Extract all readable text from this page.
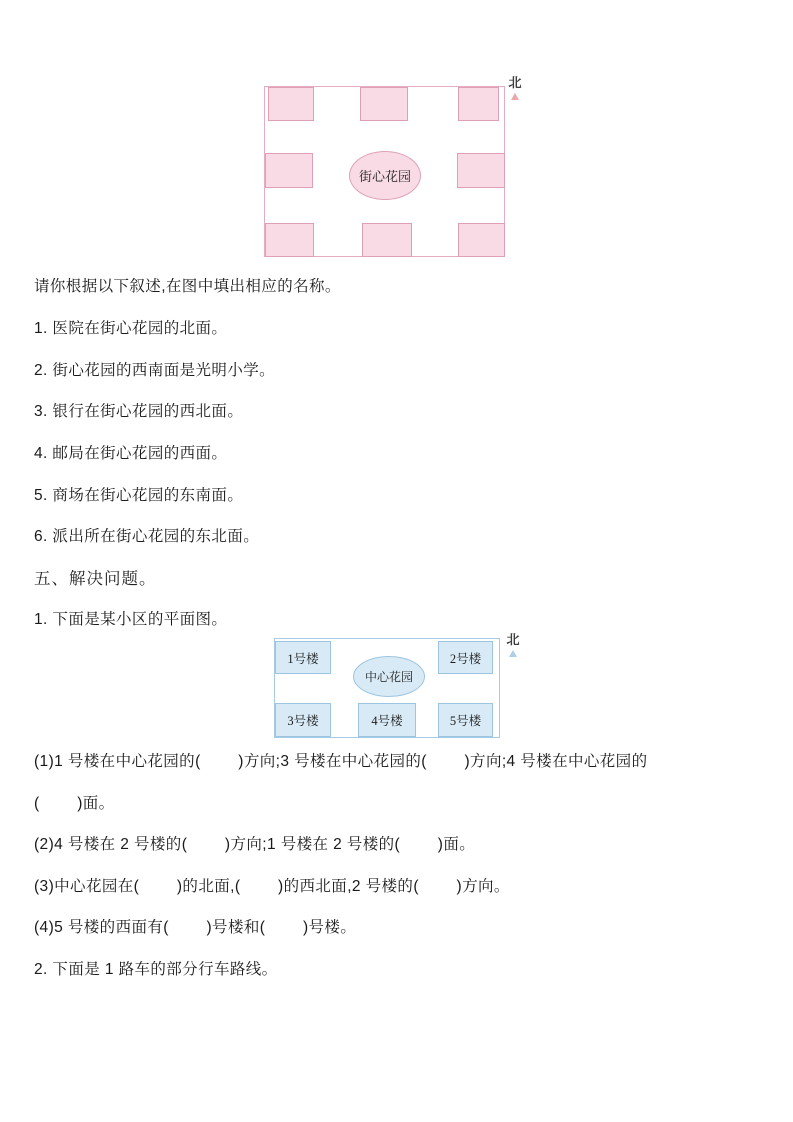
街心花园
北
请你根据以下叙述,在图中填出相应的名称。
1. 医院在街心花园的北面。
2. 街心花园的西南面是光明小学。
3. 银行在街心花园的西北面。
4. 邮局在街心花园的西面。
5. 商场在街心花园的东南面。
6. 派出所在街心花园的东北面。
五、解决问题。
1. 下面是某小区的平面图。
1号楼	2号楼
3号楼	4号楼	5号楼
中心花园
北
(1)1 号楼在中心花园的(        )方向;3 号楼在中心花园的(        )方向;4 号楼在中心花园的
(        )面。
(2)4 号楼在 2 号楼的(        )方向;1 号楼在 2 号楼的(        )面。
(3)中心花园在(        )的北面,(        )的西北面,2 号楼的(        )方向。
(4)5 号楼的西面有(        )号楼和(        )号楼。
2. 下面是 1 路车的部分行车路线。
